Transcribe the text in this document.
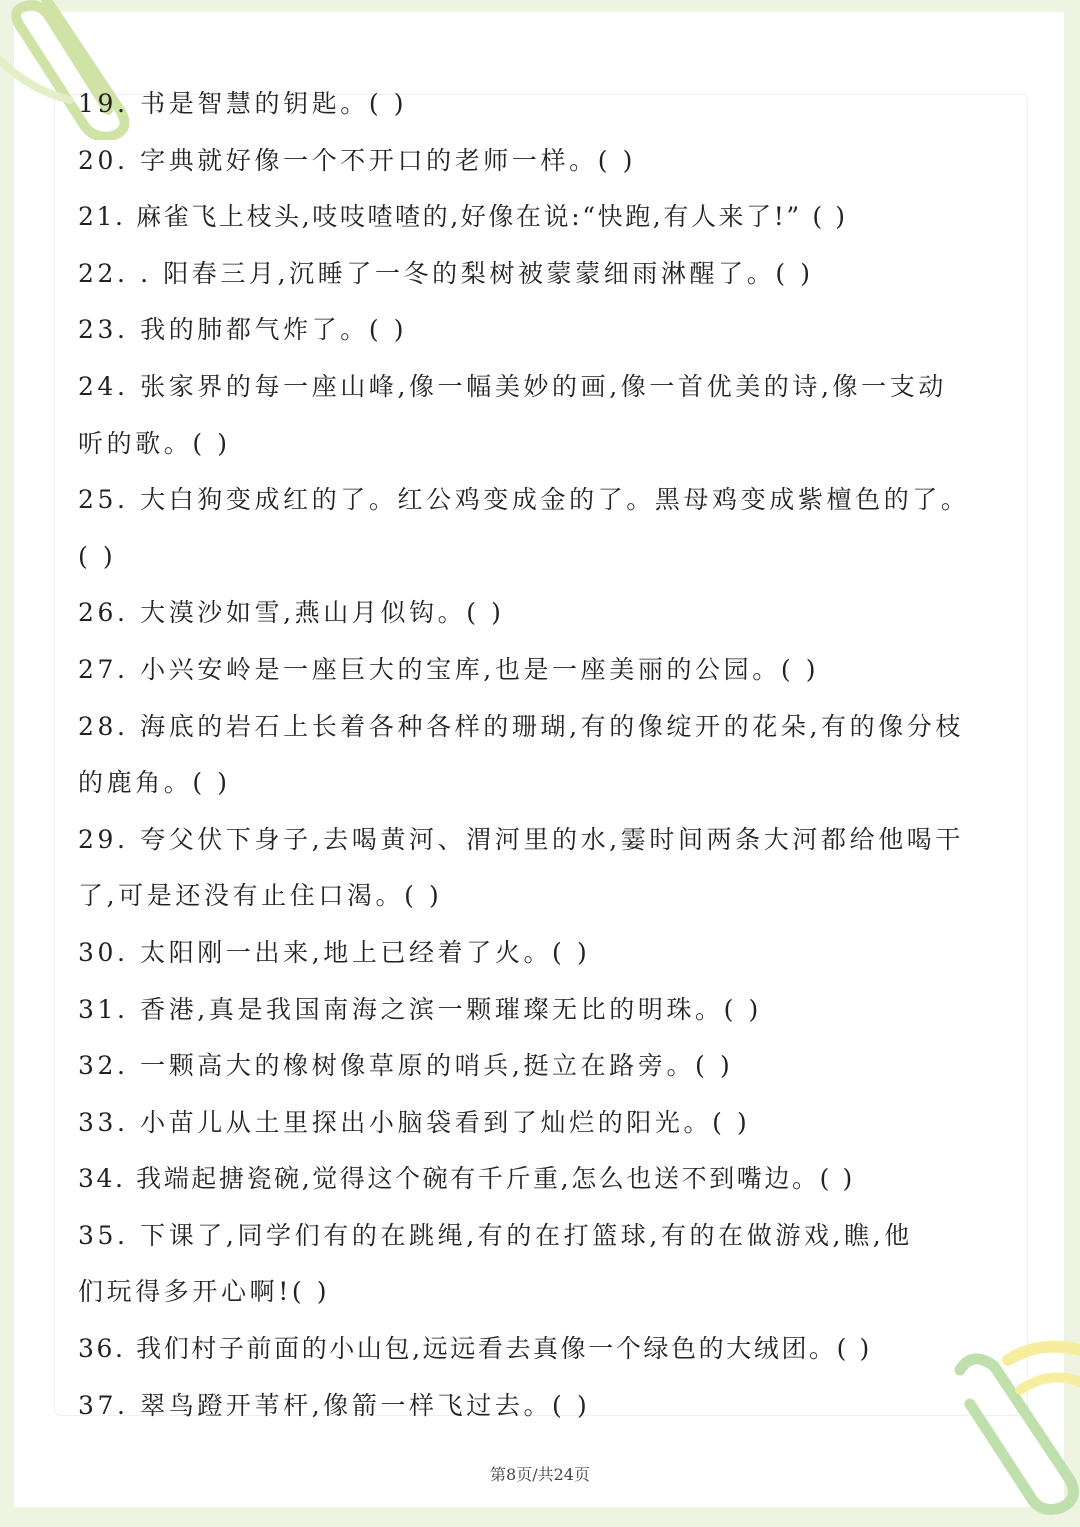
19. 书是智慧的钥匙。( )
20. 字典就好像一个不开口的老师一样。( )
21. 麻雀飞上枝头,吱吱喳喳的,好像在说:“快跑,有人来了!” ( )
22. . 阳春三月,沉睡了一冬的梨树被蒙蒙细雨淋醒了。( )
23. 我的肺都气炸了。( )
24. 张家界的每一座山峰,像一幅美妙的画,像一首优美的诗,像一支动
听的歌。( )
25. 大白狗变成红的了。红公鸡变成金的了。黑母鸡变成紫檀色的了。
( )
26. 大漠沙如雪,燕山月似钩。( )
27. 小兴安岭是一座巨大的宝库,也是一座美丽的公园。( )
28. 海底的岩石上长着各种各样的珊瑚,有的像绽开的花朵,有的像分枝
的鹿角。( )
29. 夸父伏下身子,去喝黄河、渭河里的水,霎时间两条大河都给他喝干
了,可是还没有止住口渴。( )
30. 太阳刚一出来,地上已经着了火。( )
31. 香港,真是我国南海之滨一颗璀璨无比的明珠。( )
32. 一颗高大的橡树像草原的哨兵,挺立在路旁。( )
33. 小苗儿从土里探出小脑袋看到了灿烂的阳光。( )
34. 我端起搪瓷碗,觉得这个碗有千斤重,怎么也送不到嘴边。( )
35. 下课了,同学们有的在跳绳,有的在打篮球,有的在做游戏,瞧,他
们玩得多开心啊!( )
36. 我们村子前面的小山包,远远看去真像一个绿色的大绒团。( )
37. 翠鸟蹬开苇杆,像箭一样飞过去。( )
第8页/共24页
